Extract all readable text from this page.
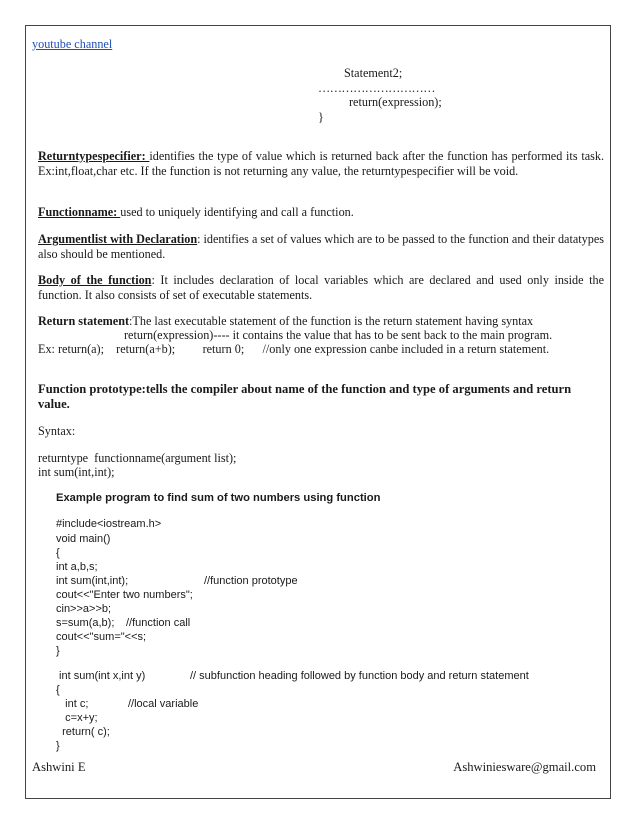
youtube channel
Statement2;
…………………………
return(expression);
}
Returntypespecifier: identifies the type of value which is returned back after the function has performed its task. Ex:int,float,char etc. If the function is not returning any value, the returntypespecifier will be void.
Functionname: used to uniquely identifying and call a function.
Argumentlist with Declaration: identifies a set of values which are to be passed to the function and their datatypes also should be mentioned.
Body of the function: It includes declaration of local variables which are declared and used only inside the function. It also consists of set of executable statements.
Return statement:The last executable statement of the function is the return statement having syntax
return(expression)---- it contains the value that has to be sent back to the main program.
Ex: return(a);    return(a+b);         return 0;      //only one expression canbe included in a return statement.
Function prototype:tells the compiler about name of the function and type of arguments and return value.
Syntax:
returntype  functionname(argument list);
int sum(int,int);
Example program to find sum of two numbers using function
#include<iostream.h>
void main()
{
int a,b,s;
int sum(int,int);	//function prototype
cout<<"Enter two numbers";
cin>>a>>b;
s=sum(a,b); //function call
cout<<"sum="<<s;
}
int sum(int x,int y)	// subfunction heading followed by function body and return statement
{
int c;	//local variable
c=x+y;
return( c);
}
Ashwini E	Ashwiniesware@gmail.com
